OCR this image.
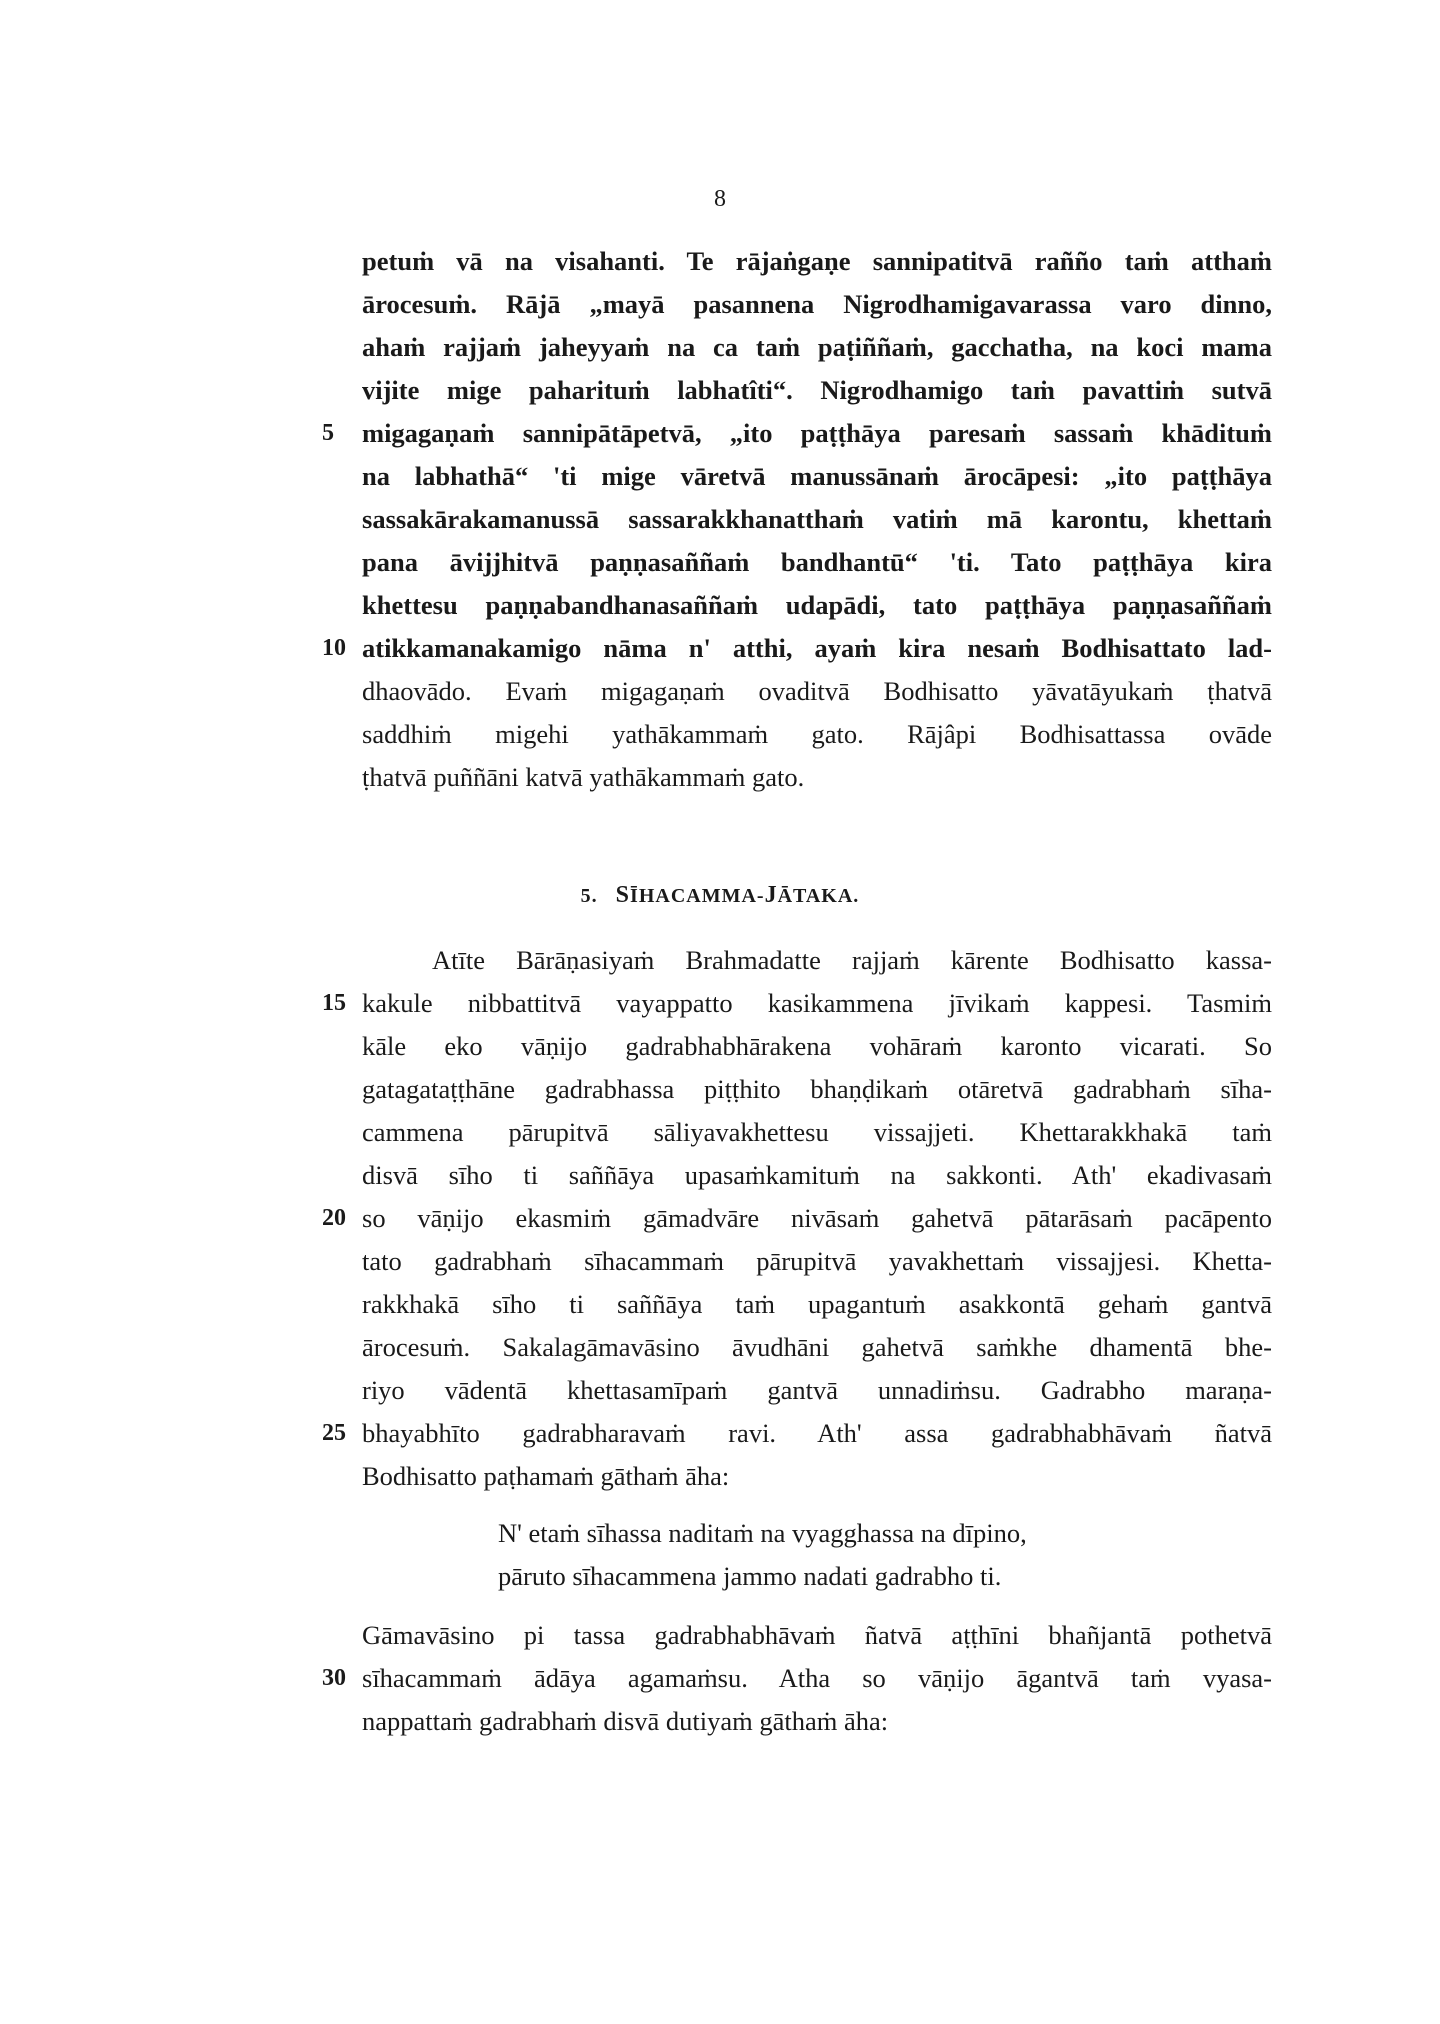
8
petuṁ vā na visahanti. Te rājaṅgaṇe sannipatitvā rañño taṁ atthaṁ
ārocesuṁ. Rājā „mayā pasannena Nigrodhamigavarassa varo dinno,
ahaṁ rajjaṁ jaheyyaṁ na ca taṁ paṭiññaṁ, gacchatha, na koci mama
vijite mige paharituṁ labhatîti“. Nigrodhamigo taṁ pavattiṁ sutvā
5	migagaṇaṁ sannipātāpetvā, „ito paṭṭhāya paresaṁ sassaṁ khādituṁ
na labhathā“ 'ti mige vāretvā manussānaṁ ārocāpesi: „ito paṭṭhāya
sassakārakamanussā sassarakkhanatthaṁ vatiṁ mā karontu, khettaṁ
pana āvijjhitvā paṇṇasaññaṁ bandhantū“ 'ti. Tato paṭṭhāya kira
khettesu paṇṇabandhanasaññaṁ udapādi, tato paṭṭhāya paṇṇasaññaṁ
10 atikkamanakamigo nāma n' atthi, ayaṁ kira nesaṁ Bodhisattato lad-
dhaovādo. Evaṁ migagaṇaṁ ovaditvā Bodhisatto yāvatāyukaṁ ṭhatvā
saddhiṁ migehi yathākammaṁ gato. Rājâpi Bodhisattassa ovāde
ṭhatvā puññāni katvā yathākammaṁ gato.
5. SĪHACAMMA-JĀTAKA.
Atīte Bārāṇasiyaṁ Brahmadatte rajjaṁ kārente Bodhisatto kassa-
15 kakule nibbattitvā vayappatto kasikammena jīvikaṁ kappesi. Tasmiṁ
kāle eko vāṇijo gadrabhabhārakena vohāraṁ karonto vicarati. So
gatagataṭṭhāne gadrabhassa piṭṭhito bhaṇḍikaṁ otāretvā gadrabhaṁ sīha-
cammena pārupitvā sāliyavakhettesu vissajjeti. Khettarakkhakā taṁ
disvā sīho ti saññāya upasaṁkamituṁ na sakkonti. Ath' ekadivasaṁ
20 so vāṇijo ekasmiṁ gāmadvāre nivāsaṁ gahetvā pātarāsaṁ pacāpento
tato gadrabhaṁ sīhacammaṁ pārupitvā yavakhettaṁ vissajjesi. Khetta-
rakkhakā sīho ti saññāya taṁ upagantuṁ asakkontā gehaṁ gantvā
ārocesuṁ. Sakalagāmavāsino āvudhāni gahetvā saṁkhe dhamentā bhe-
riyo vādentā khettasamīpaṁ gantvā unnadiṁsu. Gadrabho maraṇa-
25 bhayabhīto gadrabharavaṁ ravi. Ath' assa gadrabhabhāvaṁ ñatvā
Bodhisatto paṭhamaṁ gāthaṁ āha:
N' etaṁ sīhassa naditaṁ na vyagghassa na dīpino,
pāruto sīhacammena jammo nadati gadrabho ti.
Gāmavāsino pi tassa gadrabhabhāvaṁ ñatvā aṭṭhīni bhañjantā pothetvā
30 sīhacammaṁ ādāya agamaṁsu. Atha so vāṇijo āgantvā taṁ vyasa-
nappattaṁ gadrabhaṁ disvā dutiyaṁ gāthaṁ āha:
